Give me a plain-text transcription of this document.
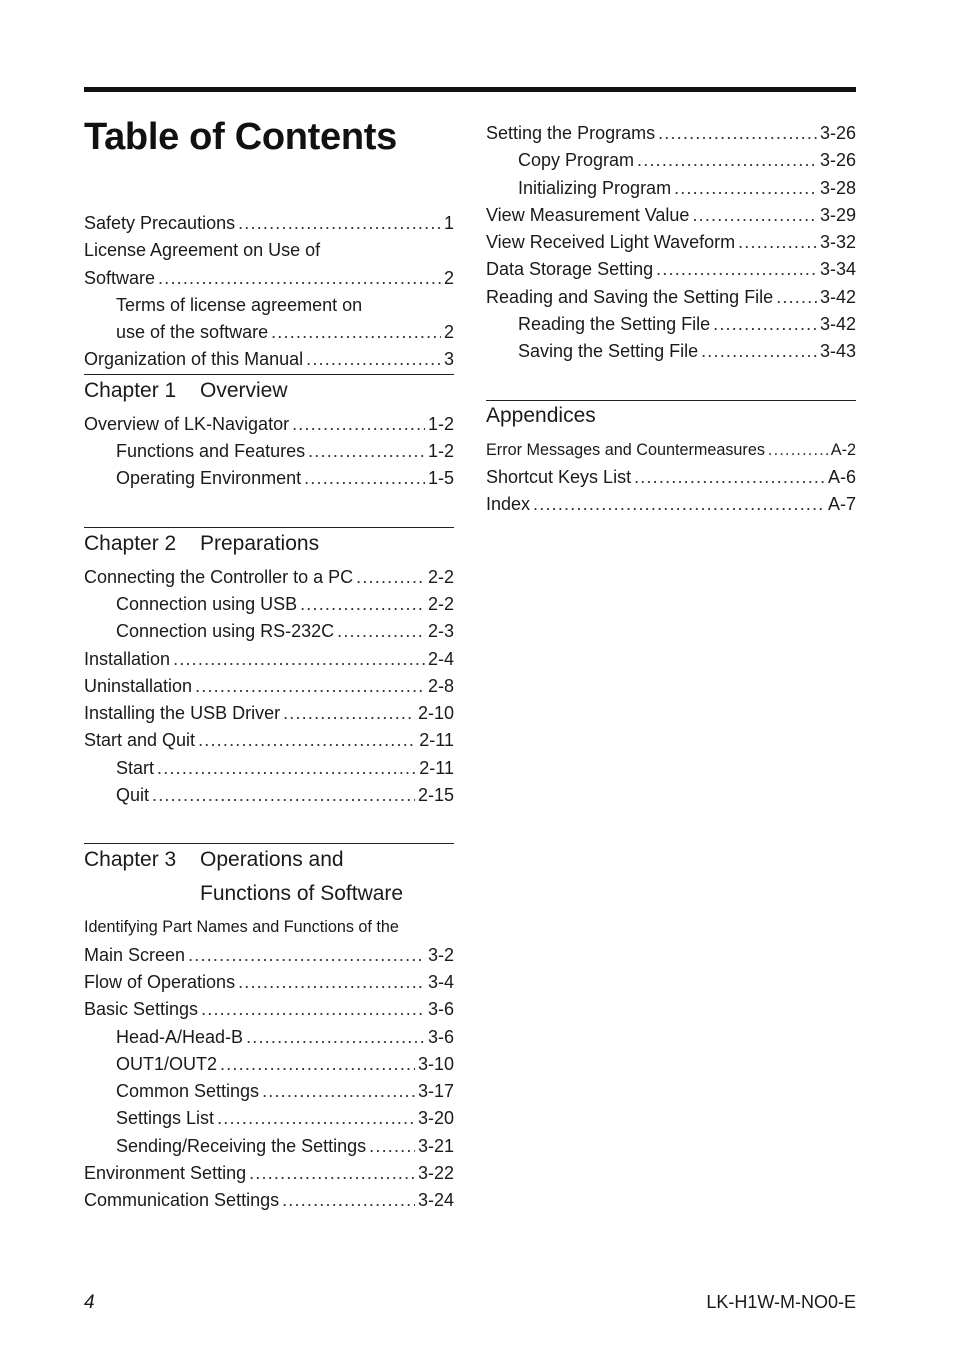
Table of Contents
Safety Precautions .....	1
License Agreement on Use of
Software .....	2
Terms of license agreement on
use of the software .....	2
Organization of this Manual .....	3
Chapter 1	Overview
Overview of LK-Navigator .....	1-2
Functions and Features .....	1-2
Operating Environment .....	1-5
Chapter 2	Preparations
Connecting the Controller to a PC .....	2-2
Connection using USB .....	2-2
Connection using RS-232C .....	2-3
Installation .....	2-4
Uninstallation .....	2-8
Installing the USB Driver .....	2-10
Start and Quit .....	2-11
Start .....	2-11
Quit .....	2-15
Chapter 3	Operations and
Functions of Software
Identifying Part Names and Functions of the
Main Screen .....	3-2
Flow of Operations .....	3-4
Basic Settings .....	3-6
Head-A/Head-B .....	3-6
OUT1/OUT2 .....	3-10
Common Settings .....	3-17
Settings List .....	3-20
Sending/Receiving the Settings .....	3-21
Environment Setting .....	3-22
Communication Settings .....	3-24
Setting the Programs .....	3-26
Copy Program .....	3-26
Initializing Program .....	3-28
View Measurement Value .....	3-29
View Received Light Waveform .....	3-32
Data Storage Setting .....	3-34
Reading and Saving the Setting File .....	3-42
Reading the Setting File .....	3-42
Saving the Setting File .....	3-43
Appendices
Error Messages and Countermeasures .....	A-2
Shortcut Keys List .....	A-6
Index .....	A-7
4	LK-H1W-M-NO0-E
